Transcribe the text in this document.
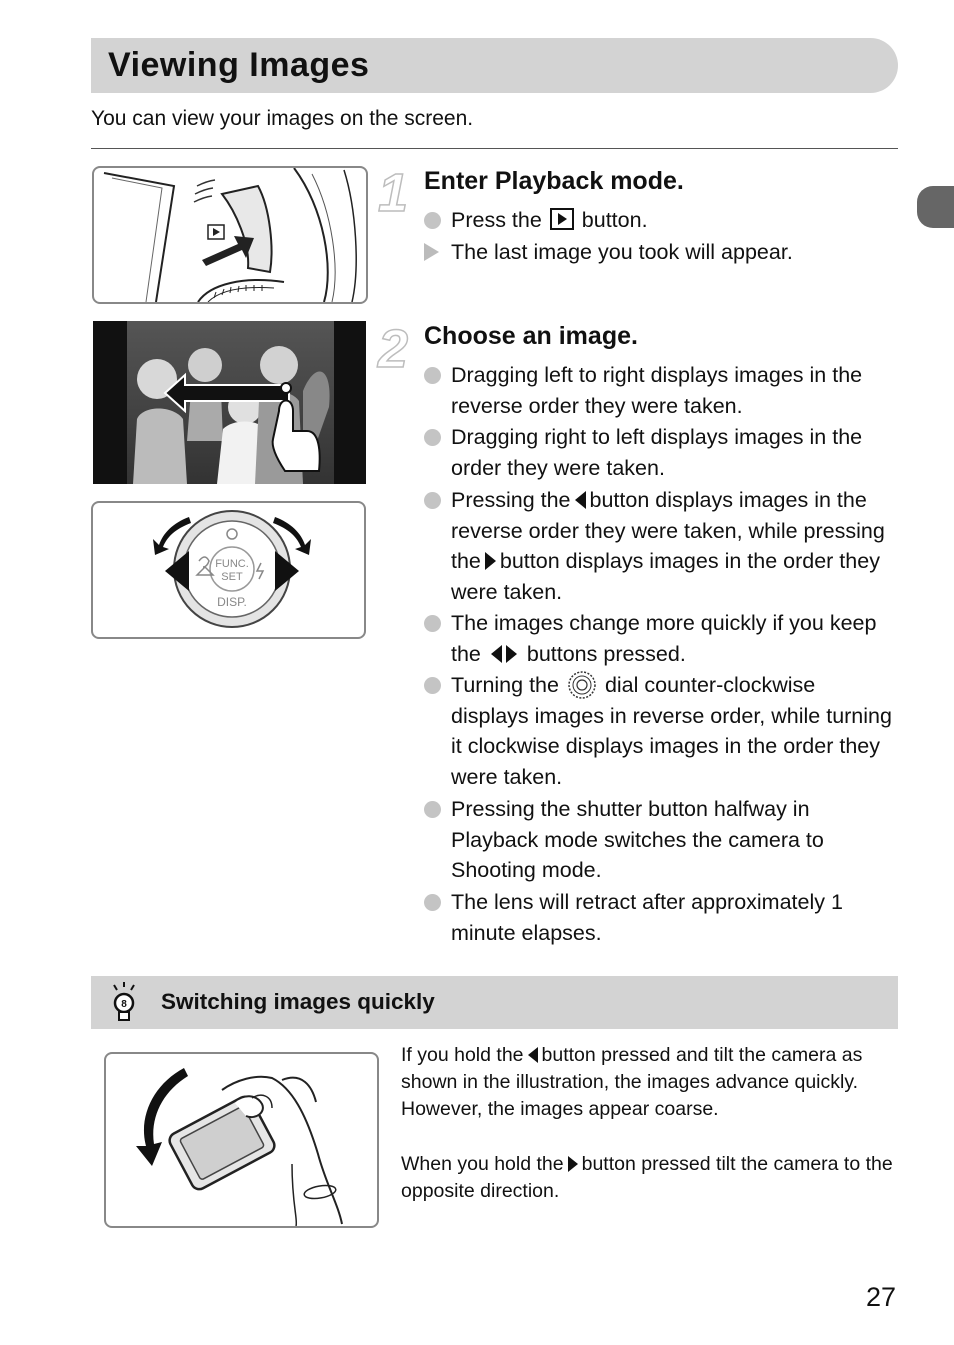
Viewing Images
You can view your images on the screen.
FUNC.
SET
DISP.
1 Enter Playback mode.
Press the button.
The last image you took will appear.
2 Choose an image.
Dragging left to right displays images in the reverse order they were taken.
Dragging right to left displays images in the order they were taken.
Pressing the button displays images in the reverse order they were taken, while pressing the button displays images in the order they were taken.
The images change more quickly if you keep the buttons pressed.
Turning the dial counter-clockwise displays images in reverse order, while turning it clockwise displays images in the order they were taken.
Pressing the shutter button halfway in Playback mode switches the camera to Shooting mode.
The lens will retract after approximately 1 minute elapses.
8 Switching images quickly
If you hold the button pressed and tilt the camera as shown in the illustration, the images advance quickly. However, the images appear coarse.
When you hold the button pressed tilt the camera to the opposite direction.
27
